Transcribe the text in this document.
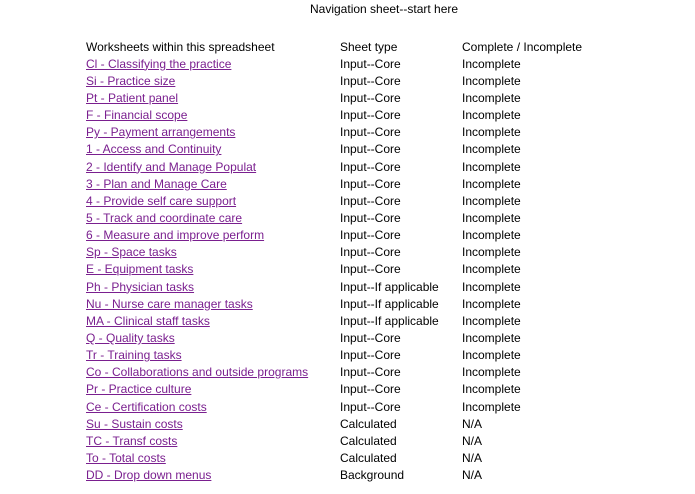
Navigation sheet--start here
Worksheets within this spreadsheet	Sheet type	Complete / Incomplete
Cl - Classifying the practice	Input--Core	Incomplete
Si - Practice size	Input--Core	Incomplete
Pt - Patient panel	Input--Core	Incomplete
F - Financial scope	Input--Core	Incomplete
Py - Payment arrangements	Input--Core	Incomplete
1 - Access and Continuity	Input--Core	Incomplete
2 - Identify and Manage Populat	Input--Core	Incomplete
3 - Plan and Manage Care	Input--Core	Incomplete
4 - Provide self care support	Input--Core	Incomplete
5 - Track and coordinate care	Input--Core	Incomplete
6 - Measure and improve perform	Input--Core	Incomplete
Sp - Space tasks	Input--Core	Incomplete
E - Equipment tasks	Input--Core	Incomplete
Ph - Physician tasks	Input--If applicable	Incomplete
Nu - Nurse care manager tasks	Input--If applicable	Incomplete
MA - Clinical staff tasks	Input--If applicable	Incomplete
Q - Quality tasks	Input--Core	Incomplete
Tr - Training tasks	Input--Core	Incomplete
Co - Collaborations and outside programs	Input--Core	Incomplete
Pr - Practice culture	Input--Core	Incomplete
Ce - Certification costs	Input--Core	Incomplete
Su - Sustain costs	Calculated	N/A
TC - Transf costs	Calculated	N/A
To - Total costs	Calculated	N/A
DD - Drop down menus	Background	N/A
